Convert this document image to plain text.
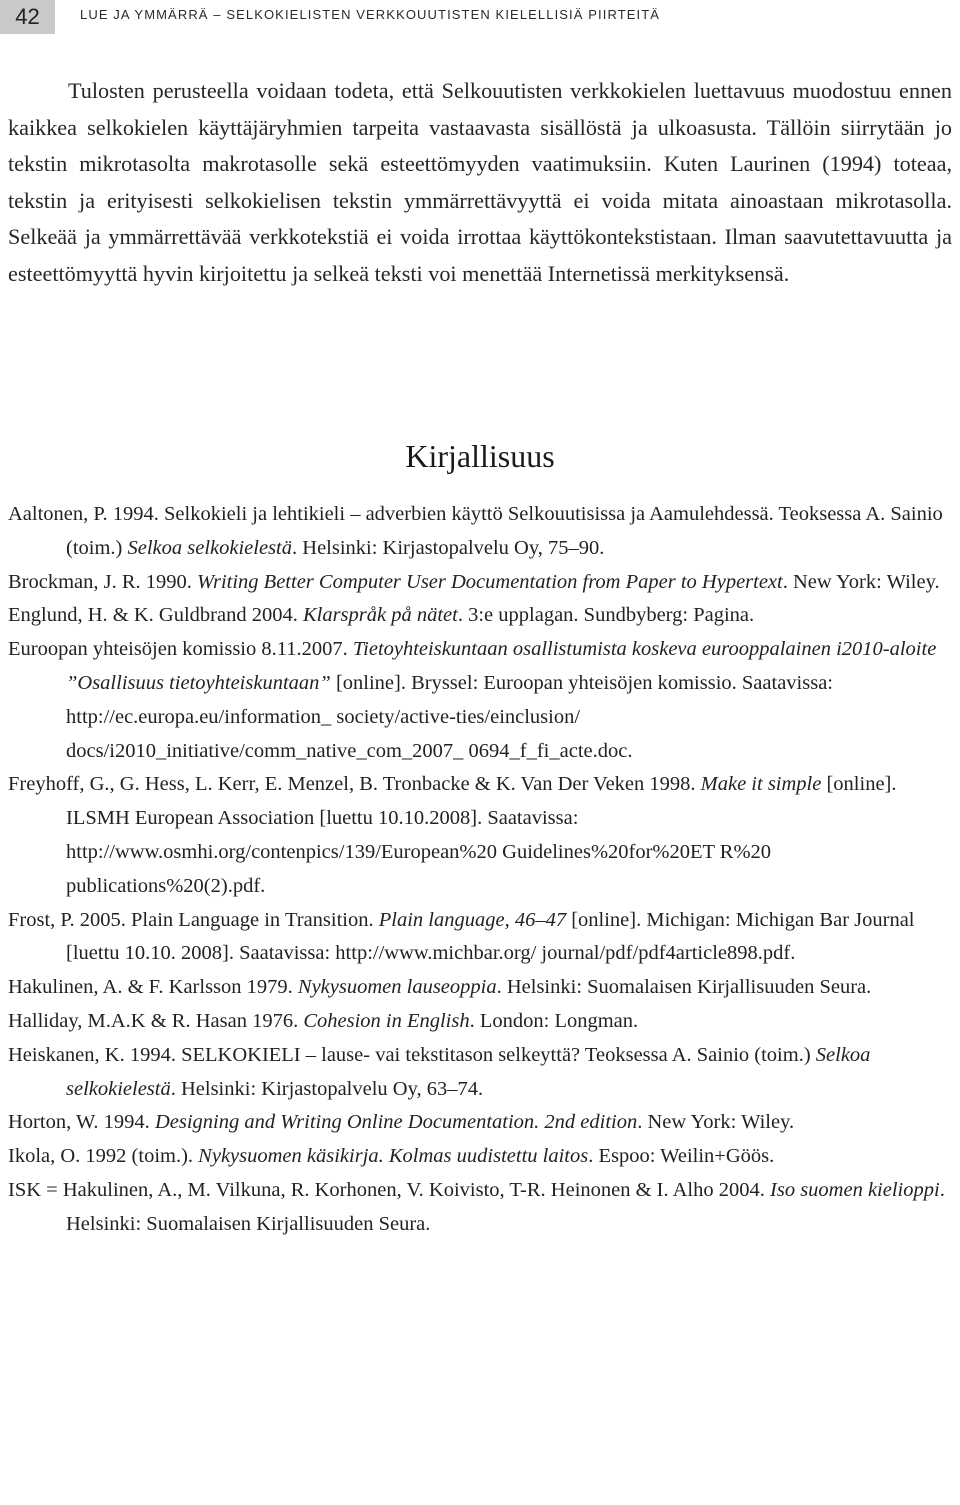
42	LUE JA YMMÄRRÄ – SELKOKIELISTEN VERKKOUUTISTEN KIELELLISIÄ PIIRTEITÄ

Tulosten perusteella voidaan todeta, että Selkouutisten verkkokielen luettavuus muodostuu ennen kaikkea selkokielen käyttäjäryhmien tarpeita vastaavasta sisällöstä ja ulkoasusta. Tällöin siirrytään jo tekstin mikrotasolta makrotasolle sekä esteettömyyden vaatimuksiin. Kuten Laurinen (1994) toteaa, tekstin ja erityisesti selkokielisen tekstin ymmärrettävyyttä ei voida mitata ainoastaan mikrotasolla. Selkeää ja ymmärrettävää verkkotekstiä ei voida irrottaa käyttökontekstistaan. Ilman saavutettavuutta ja esteettömyyttä hyvin kirjoitettu ja selkeä teksti voi menettää Internetissä merkityksensä.

Kirjallisuus
Aaltonen, P. 1994. Selkokieli ja lehtikieli – adverbien käyttö Selkouutisissa ja Aamulehdessä. Teoksessa A. Sainio (toim.) Selkoa selkokielestä. Helsinki: Kirjastopalvelu Oy, 75–90.
Brockman, J. R. 1990. Writing Better Computer User Documentation from Paper to Hypertext. New York: Wiley.
Englund, H. & K. Guldbrand 2004. Klarspråk på nätet. 3:e upplagan. Sundbyberg: Pagina.
Euroopan yhteisöjen komissio 8.11.2007. Tietoyhteiskuntaan osallistumista koskeva eurooppalainen i2010-aloite ”Osallisuus tietoyhteiskuntaan” [online]. Bryssel: Euroopan yhteisöjen komissio. Saatavissa: http://ec.europa.eu/information_ society/active-ties/einclusion/ docs/i2010_initiative/comm_native_com_2007_ 0694_f_fi_acte.doc.
Freyhoff, G., G. Hess, L. Kerr, E. Menzel, B. Tronbacke & K. Van Der Veken 1998. Make it simple [online]. ILSMH European Association [luettu 10.10.2008]. Saatavissa: http://www.osmhi.org/contenpics/139/European%20 Guidelines%20for%20ET R%20 publications%20(2).pdf.
Frost, P. 2005. Plain Language in Transition. Plain language, 46–47 [online]. Michigan: Michigan Bar Journal [luettu 10.10. 2008]. Saatavissa: http://www.michbar.org/ journal/pdf/pdf4article898.pdf.
Hakulinen, A. & F. Karlsson 1979. Nykysuomen lauseoppia. Helsinki: Suomalaisen Kirjallisuuden Seura.
Halliday, M.A.K & R. Hasan 1976. Cohesion in English. London: Longman.
Heiskanen, K. 1994. SELKOKIELI – lause- vai tekstitason selkeyttä? Teoksessa A. Sainio (toim.) Selkoa selkokielestä. Helsinki: Kirjastopalvelu Oy, 63–74.
Horton, W. 1994. Designing and Writing Online Documentation. 2nd edition. New York: Wiley.
Ikola, O. 1992 (toim.). Nykysuomen käsikirja. Kolmas uudistettu laitos. Espoo: Weilin+Göös.
ISK = Hakulinen, A., M. Vilkuna, R. Korhonen, V. Koivisto, T-R. Heinonen & I. Alho 2004. Iso suomen kielioppi. Helsinki: Suomalaisen Kirjallisuuden Seura.
